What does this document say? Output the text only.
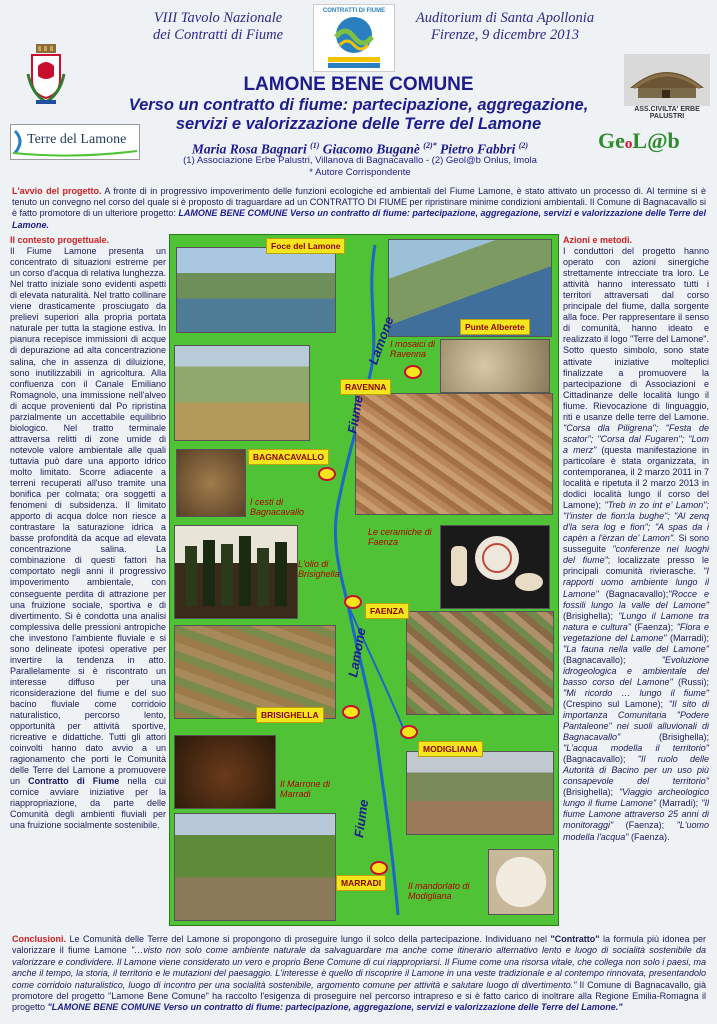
VIII Tavolo Nazionale
dei Contratti di Fiume
Auditorium di Santa Apollonia
Firenze, 9 dicembre 2013
CONTRATTI DI FIUME
ASS.CIVILTA' ERBE PALUSTRI
LAMONE BENE COMUNE
Verso un contratto di fiume: partecipazione, aggregazione,
servizi e valorizzazione delle Terre del Lamone
Terre del Lamone	GeoL@b
Maria Rosa Bagnari $^{(1)}$ Giacomo Buganè $^{(2)*}$ Pietro Fabbri $^{(2)}$
(1) Associazione Erbe Palustri, Villanova di Bagnacavallo - (2) Geol@b Onlus, Imola
* Autore Corrispondente
L'avvio del progetto. A fronte di in progressivo impoverimento delle funzioni ecologiche ed ambientali del Fiume Lamone, è stato attivato un processo di. Al termine si è tenuto un convegno nel corso del quale si è proposto di traguardare ad un CONTRATTO DI FIUME per ripristinare minime condizioni ambientali. Il Comune di Bagnacavallo si è fatto promotore di un ulteriore progetto: LAMONE BENE COMUNE Verso un contratto di fiume: partecipazione, aggregazione, servizi e valorizzazione delle Terre del Lamone.
Il contesto progettuale.
Il Fiume Lamone presenta un concentrato di situazioni estreme per un corso d'acqua di relativa lunghezza. Nel tratto iniziale sono evidenti aspetti di elevata naturalità. Nel tratto collinare viene drasticamente prosciugato da prelievi superiori alla propria portata naturale per tutta la stagione estiva. In pianura recepisce immissioni di acque di depurazione ad alta concentrazione salina, che in assenza di diluizione, sono inutilizzabili in agricoltura. Alla confluenza con il Canale Emiliano Romagnolo, una immissione nell'alveo di acque provenienti dal Po ripristina parzialmente un accettabile equilibrio biologico. Nel tratto terminale attraversa relitti di zone umide di notevole valore ambientale alle quali tuttavia può dare una apporto idrico molto limitato. Scorre adiacente a terreni recuperati all'uso tramite una bonifica per colmata; ora soggetti a fenomeni di subsidenza. Il limitato apporto di acqua dolce non riesce a contrastare la saturazione idrica a basse profondità da acque ad elevata concentrazione salina. La combinazione di questi fattori ha comportato negli anni il progressivo impoverimento ambientale, con conseguente perdita di attrazione per una fruizione sociale, sportiva e di divertimento. Si è condotta una analisi complessiva delle pressioni antropiche che investono l'ambiente fluviale e si sono delineate ipotesi operative per invertire la tendenza in atto. Parallelamente si è riscontrato un interesse diffuso per una riconsiderazione del fiume e del suo bacino fluviale come corridoio naturalistico, percorso lento, opportunità per attività sportive, ricreative e didattiche. Tutti gli attori coinvolti hanno dato avvio a un ragionamento che porti le Comunità delle Terre del Lamone a promuovere un Contratto di Fiume nella cui cornice avviare iniziative per la riappropriazione, da parte delle Comunità degli ambienti fluviali per una fruizione socialmente sostenibile.
Foce del Lamone
Punte Alberete
RAVENNA
BAGNACAVALLO
FAENZA
BRISIGHELLA
MODIGLIANA
MARRADI
I mosaici di Ravenna
I cesti di Bagnacavallo
Le ceramiche di Faenza
L'olio di Brisighella
Il Marrone di Marradi
Il mandorlato di Modigliana
Lamone
Fiume
Lamone
Fiume
Azioni e metodi.
I conduttori del progetto hanno operato con azioni sinergiche strettamente intrecciate tra loro. Le attività hanno interessato tutti i territori attraversati dal corso principale del fiume, dalla sorgente alla foce. Per rappresentare il senso di comunità, hanno ideato e realizzato il logo "Terre del Lamone". Sotto questo simbolo, sono state attivate iniziative molteplici finalizzate a promuovere la partecipazione di Associazioni e Cittadinanze delle località lungo il fiume. Rievocazione di linguaggio, riti e usanze delle terre del Lamone. "Corsa dla Piligrena"; "Festa de scator"; "Corsa dal Fugaren"; "Lom a merz" (questa manifestazione in particolare è stata organizzata, in contemporanea, il 2 marzo 2011 in 7 località e ripetuta il 2 marzo 2013 in dodici località lungo il corso del Lamone); "Treb in zo int e' Lamon"; "I'inster de fion:la bughe"; "Al zenq d'la sera log e fion"; "A spas da i capèn a l'èrzan de' Lamon". Si sono susseguite "conferenze nei luoghi del fiume"; localizzate presso le principali comunità rivierasche. "I rapporti uomo ambiente lungo il Lamone" (Bagnacavallo);"Rocce e fossili lungo la valle del Lamone" (Brisighella); "Lungo il Lamone tra natura e cultura" (Faenza); "Flora e vegetazione del Lamone" (Marradi); "La fauna nella valle del Lamone" (Bagnacavallo); "Evoluzione idrogeologica e ambientale del basso corso del Lamone" (Russi); "Mi ricordo … lungo il fiume" (Crespino sul Lamone); "Il sito di importanza Comunitaria "Podere Pantaleone" nei suoli alluvionali di Bagnacavallo" (Brisighella); "L'acqua modella il territorio" (Bagnacavallo); "Il ruolo delle Autorità di Bacino per un uso più consapevole del territorio" (Brisighella); "Viaggio archeologico lungo il fiume Lamone" (Marradi); "Il fiume Lamone attraverso 25 anni di monitoraggi" (Faenza); "L'uomo modella l'acqua" (Faenza).
Conclusioni. Le Comunità delle Terre del Lamone si propongono di proseguire lungo il solco della partecipazione. Individuano nel "Contratto" la formula più idonea per valorizzare il fiume Lamone "…visto non solo come ambiente naturale da salvaguardare ma anche come itinerario alternativo lento e luogo di socialità sostenibile da valorizzare e condividere. Il Lamone viene considerato un vero e proprio Bene Comune di cui riappropriarsi. Il Fiume come una risorsa vitale, che collega non solo i paesi, ma anche il tempo, la storia, il territorio e le mutazioni del paesaggio. L'interesse è quello di riscoprire il Lamone in una veste tradizionale e al contempo rinnovata, presentandolo come corridoio naturalistico, luogo di incontro per una socialità sostenibile, argomento comune per attività e salutare luogo di divertimento." Il Comune di Bagnacavallo, già promotore del progetto "Lamone Bene Comune" ha raccolto l'esigenza di proseguire nel percorso intrapreso e si è fatto carico di inoltrare alla Regione Emilia-Romagna il progetto "LAMONE BENE COMUNE Verso un contratto di fiume: partecipazione, aggregazione, servizi e valorizzazione delle Terre del Lamone."
